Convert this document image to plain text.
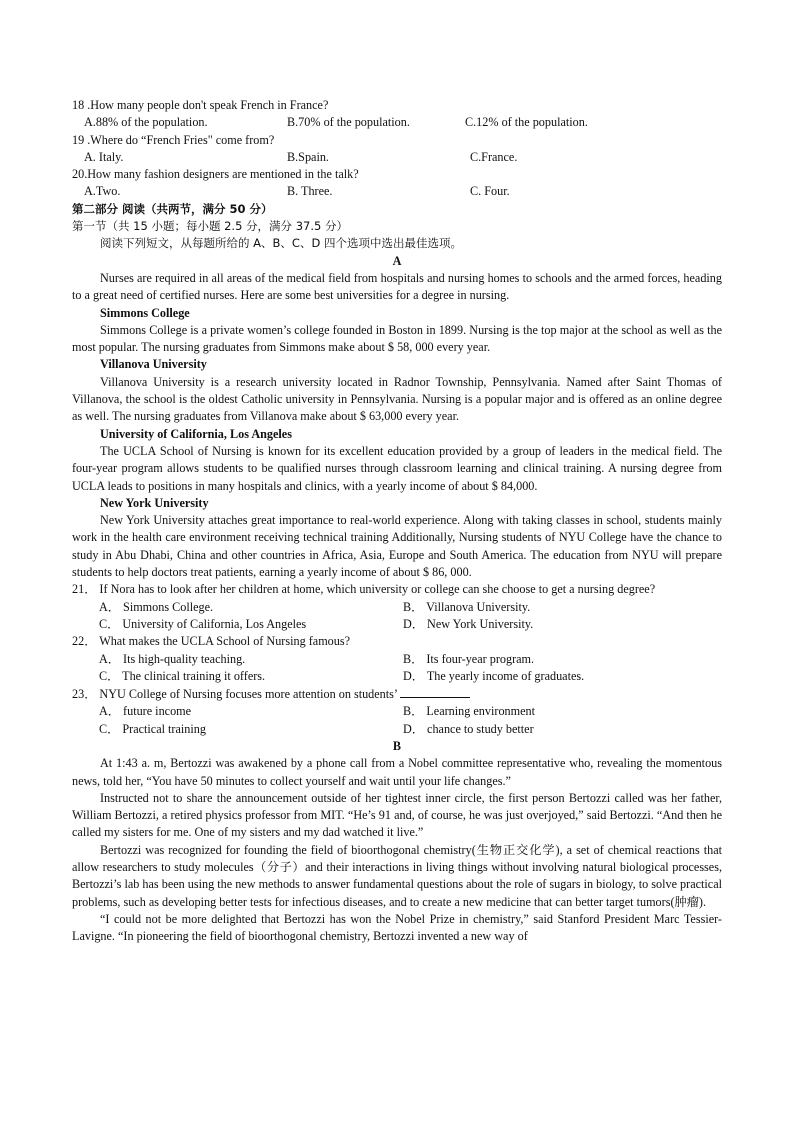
18 .How many people don't speak French in France?
A.88% of the population.	B.70% of the population.	C.12% of the population.
19 .Where do “French Fries" come from?
A. Italy.	B.Spain.	C.France.
20.How many fashion designers are mentioned in the talk?
A.Two.	B. Three.	C. Four.
第二部分 阅读（共两节，满分 50 分）
第一节（共 15 小题；每小题 2.5 分，满分 37.5 分）
阅读下列短文，从每题所给的 A、B、C、D 四个选项中选出最佳选项。
A
Nurses are required in all areas of the medical field from hospitals and nursing homes to schools and the armed forces, heading to a great need of certified nurses. Here are some best universities for a degree in nursing.
Simmons College
Simmons College is a private women’s college founded in Boston in 1899. Nursing is the top major at the school as well as the most popular. The nursing graduates from Simmons make about $ 58, 000 every year.
Villanova University
Villanova University is a research university located in Radnor Township, Pennsylvania. Named after Saint Thomas of Villanova, the school is the oldest Catholic university in Pennsylvania. Nursing is a popular major and is offered as an online degree as well. The nursing graduates from Villanova make about $ 63,000 every year.
University of California, Los Angeles
The UCLA School of Nursing is known for its excellent education provided by a group of leaders in the medical field. The four-year program allows students to be qualified nurses through classroom learning and clinical training. A nursing degree from UCLA leads to positions in many hospitals and clinics, with a yearly income of about $ 84,000.
New York University
New York University attaches great importance to real-world experience. Along with taking classes in school, students mainly work in the health care environment receiving technical training Additionally, Nursing students of NYU College have the chance to study in Abu Dhabi, China and other countries in Africa, Asia, Europe and South America. The education from NYU will prepare students to help doctors treat patients, earning a yearly income of about $ 86, 000.
21． If Nora has to look after her children at home, which university or college can she choose to get a nursing degree?
A． Simmons College.	B． Villanova University.
C． University of California, Los Angeles	D． New York University.
22． What makes the UCLA School of Nursing famous?
A． Its high-quality teaching.	B． Its four-year program.
C． The clinical training it offers.	D． The yearly income of graduates.
23． NYU College of Nursing focuses more attention on students’
A． future income	B． Learning environment
C． Practical training	D． chance to study better
B
At 1:43 a. m, Bertozzi was awakened by a phone call from a Nobel committee representative who, revealing the momentous news, told her, “You have 50 minutes to collect yourself and wait until your life changes.”
Instructed not to share the announcement outside of her tightest inner circle, the first person Bertozzi called was her father, William Bertozzi, a retired physics professor from MIT. “He’s 91 and, of course, he was just overjoyed,” said Bertozzi. “And then he called my sisters for me. One of my sisters and my dad watched it live.”
Bertozzi was recognized for founding the field of bioorthogonal chemistry(生物正交化学), a set of chemical reactions that allow researchers to study molecules（分子）and their interactions in living things without involving natural biological processes, Bertozzi’s lab has been using the new methods to answer fundamental questions about the role of sugars in biology, to solve practical problems, such as developing better tests for infectious diseases, and to create a new medicine that can better target tumors(肿瘤).
“I could not be more delighted that Bertozzi has won the Nobel Prize in chemistry,” said Stanford President Marc Tessier-Lavigne. “In pioneering the field of bioorthogonal chemistry, Bertozzi invented a new way of
